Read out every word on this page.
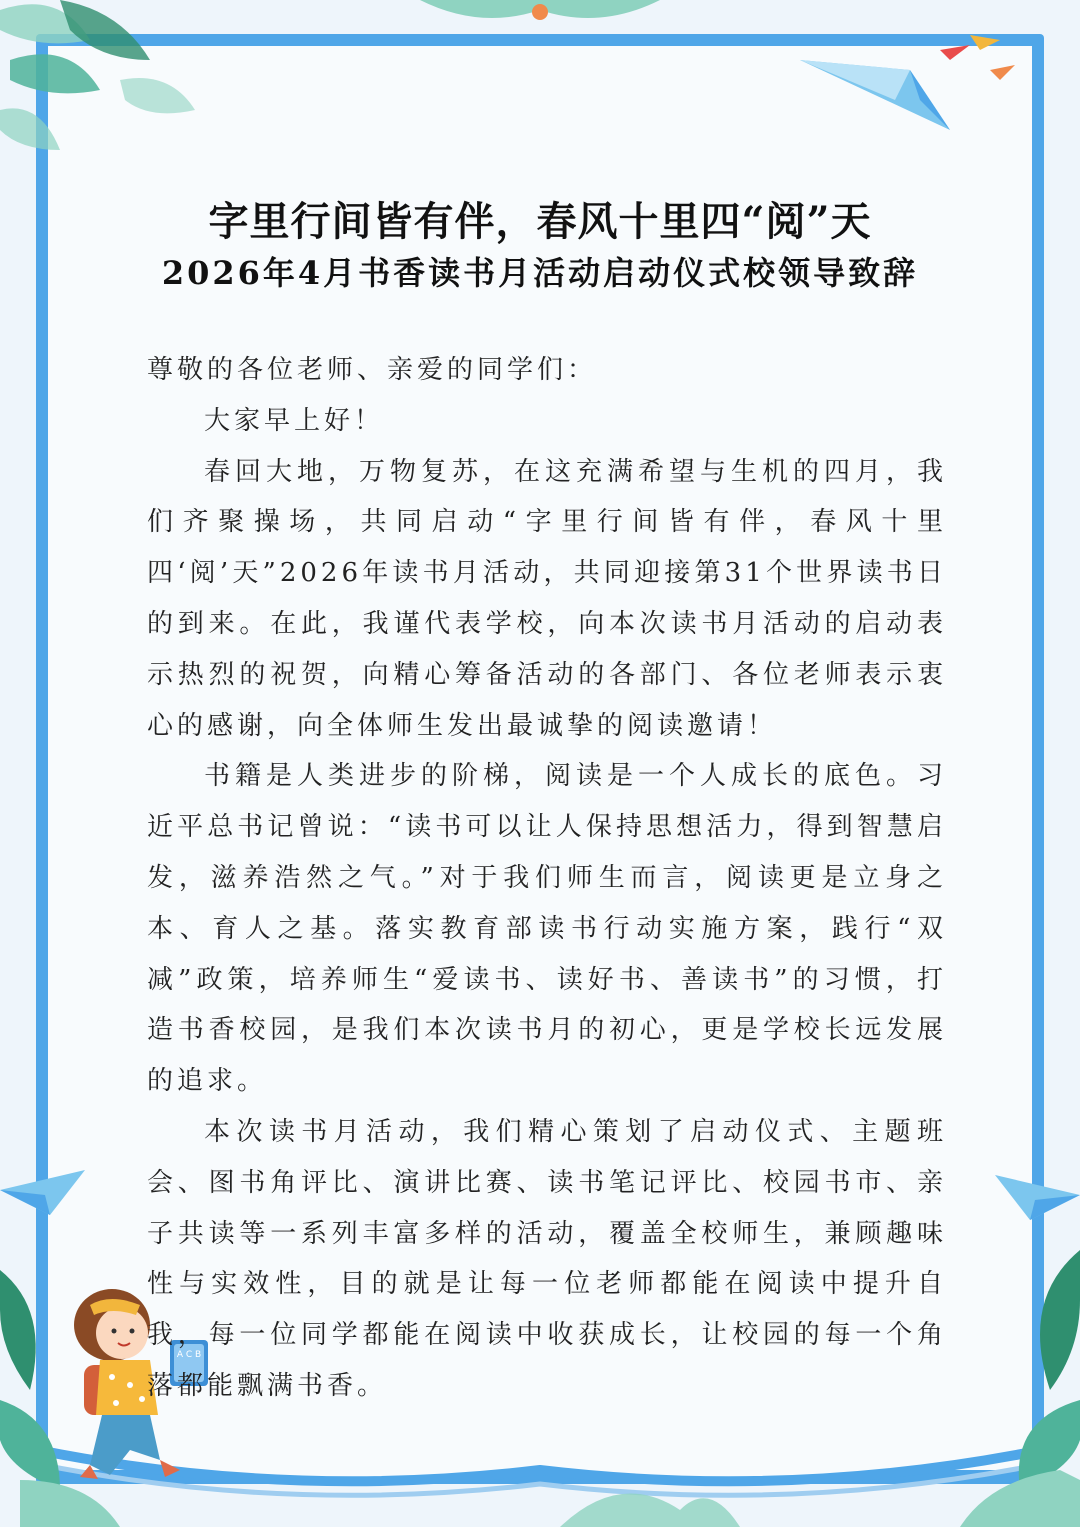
A C B
字里行间皆有伴，春风十里四“阅”天
2026年4月书香读书月活动启动仪式校领导致辞

尊敬的各位老师、亲爱的同学们：

大家早上好！

春回大地，万物复苏，在这充满希望与生机的四月，我们齐聚操场，共同启动“字里行间皆有伴，春风十里四‘阅’天”2026年读书月活动，共同迎接第31个世界读书日的到来。在此，我谨代表学校，向本次读书月活动的启动表示热烈的祝贺，向精心筹备活动的各部门、各位老师表示衷心的感谢，向全体师生发出最诚挚的阅读邀请！

书籍是人类进步的阶梯，阅读是一个人成长的底色。习近平总书记曾说：“读书可以让人保持思想活力，得到智慧启发，滋养浩然之气。”对于我们师生而言，阅读更是立身之本、育人之基。落实教育部读书行动实施方案，践行“双减”政策，培养师生“爱读书、读好书、善读书”的习惯，打造书香校园，是我们本次读书月的初心，更是学校长远发展的追求。

本次读书月活动，我们精心策划了启动仪式、主题班会、图书角评比、演讲比赛、读书笔记评比、校园书市、亲子共读等一系列丰富多样的活动，覆盖全校师生，兼顾趣味性与实效性，目的就是让每一位老师都能在阅读中提升自我，每一位同学都能在阅读中收获成长，让校园的每一个角落都能飘满书香。
